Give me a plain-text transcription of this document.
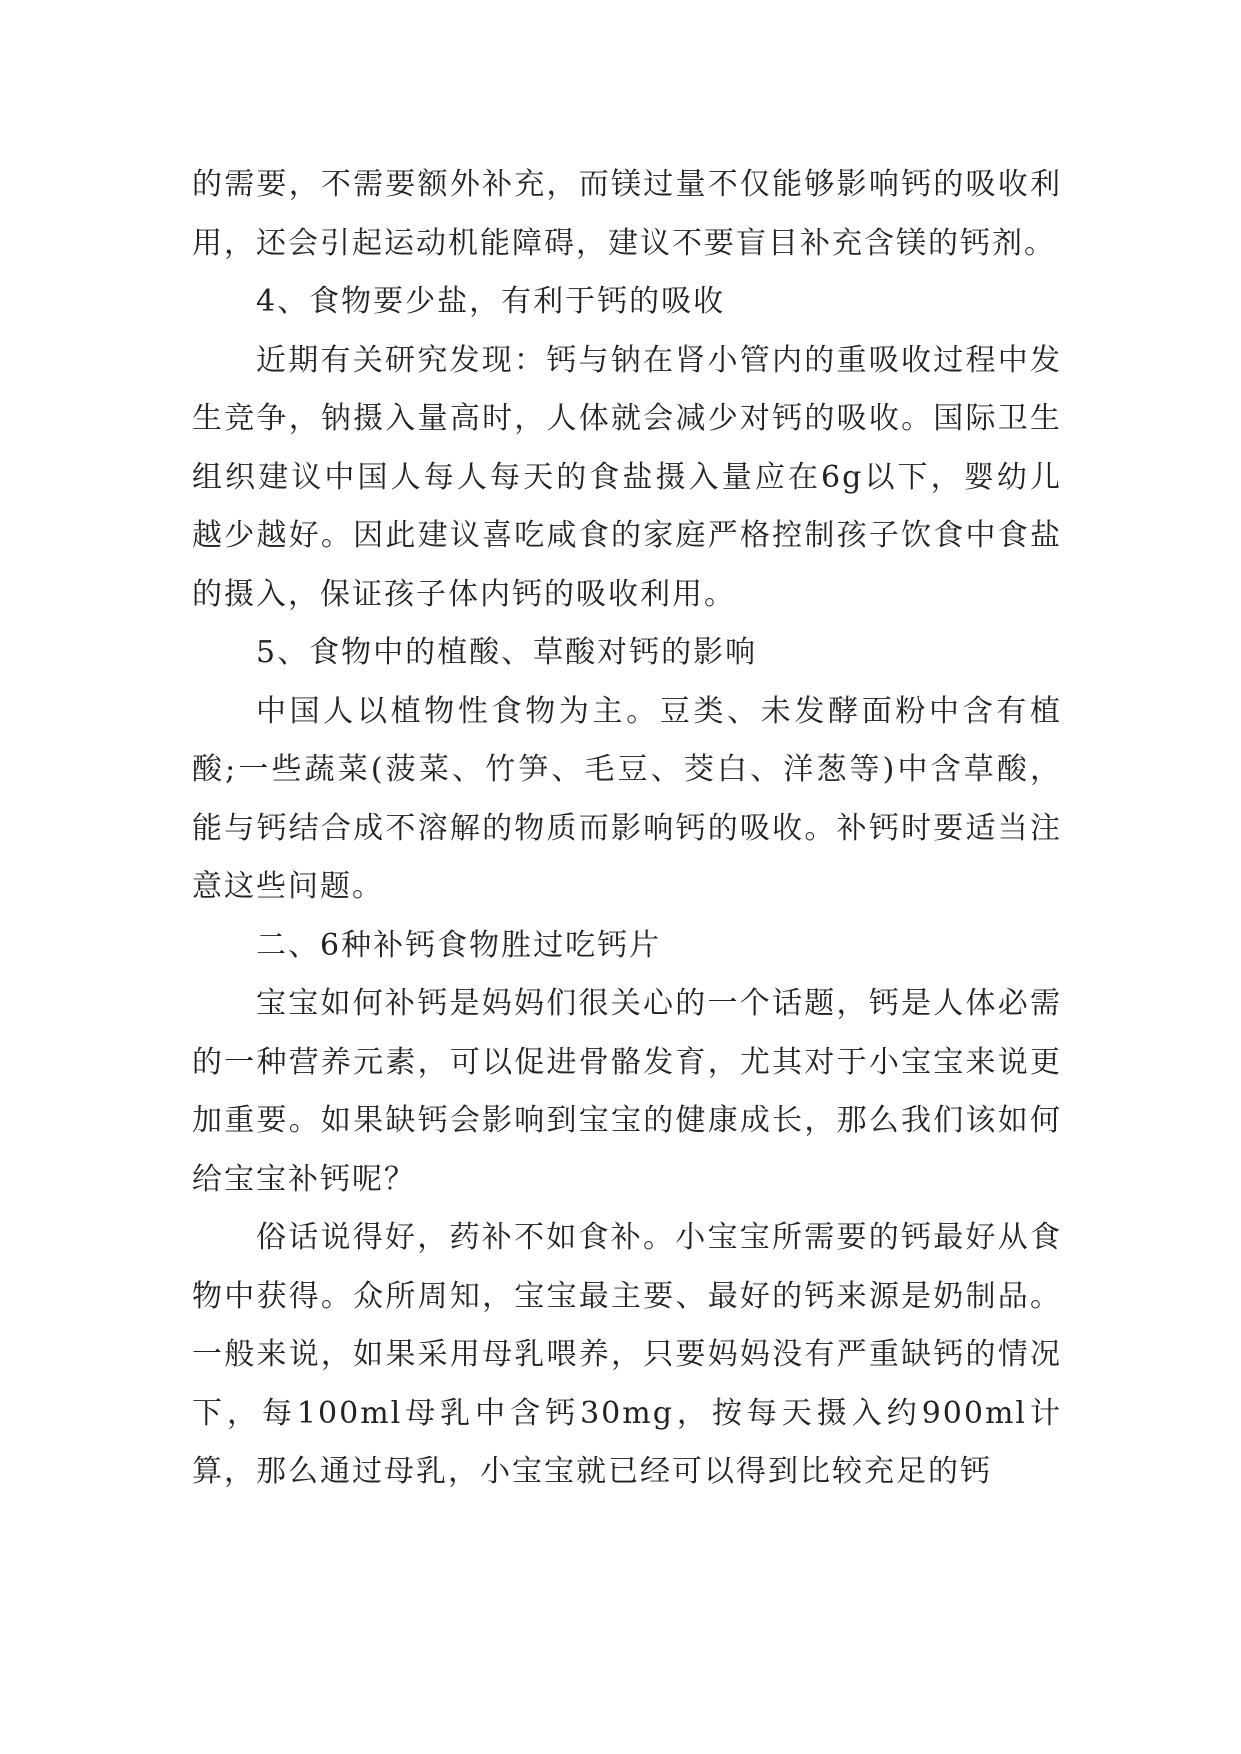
的需要，不需要额外补充，而镁过量不仅能够影响钙的吸收利用，还会引起运动机能障碍，建议不要盲目补充含镁的钙剂。

4、食物要少盐，有利于钙的吸收

近期有关研究发现：钙与钠在肾小管内的重吸收过程中发生竞争，钠摄入量高时，人体就会减少对钙的吸收。国际卫生组织建议中国人每人每天的食盐摄入量应在6g以下，婴幼儿越少越好。因此建议喜吃咸食的家庭严格控制孩子饮食中食盐的摄入，保证孩子体内钙的吸收利用。

5、食物中的植酸、草酸对钙的影响

中国人以植物性食物为主。豆类、未发酵面粉中含有植酸;一些蔬菜(菠菜、竹笋、毛豆、茭白、洋葱等)中含草酸，能与钙结合成不溶解的物质而影响钙的吸收。补钙时要适当注意这些问题。

二、6种补钙食物胜过吃钙片

宝宝如何补钙是妈妈们很关心的一个话题，钙是人体必需的一种营养元素，可以促进骨骼发育，尤其对于小宝宝来说更加重要。如果缺钙会影响到宝宝的健康成长，那么我们该如何给宝宝补钙呢？

俗话说得好，药补不如食补。小宝宝所需要的钙最好从食物中获得。众所周知，宝宝最主要、最好的钙来源是奶制品。一般来说，如果采用母乳喂养，只要妈妈没有严重缺钙的情况下，每100ml母乳中含钙30mg，按每天摄入约900ml计算，那么通过母乳，小宝宝就已经可以得到比较充足的钙
